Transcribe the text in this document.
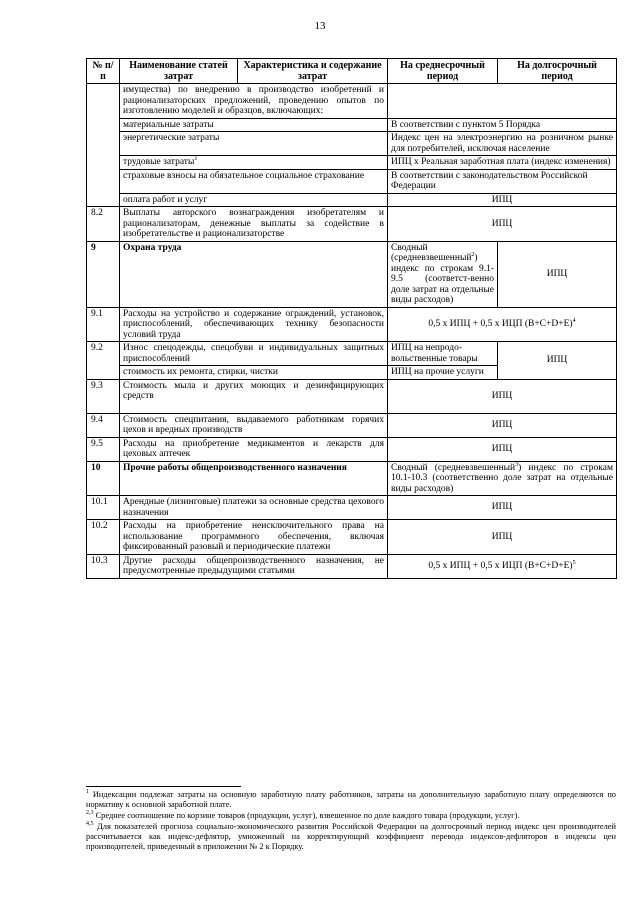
13
№ п/п	Наименование статей затрат	Характеристика и содержание затрат	На среднесрочный период	На долгосрочный период
	имущества) по внедрению в производство изобретений и рационализаторских предложений, проведению опытов по изготовлению моделей и образцов, включающих:			
	материальные затраты		В соответствии с пунктом 5 Порядка	
	энергетические затраты		Индекс цен на электроэнергию на розничном рынке для потребителей, исключая население	
	трудовые затраты$^1$		ИПЦ х Реальная заработная плата (индекс изменения)	
	страховые взносы на обязательное социальное страхование		В соответствии с законодательством Российской Федерации	
	оплата работ и услуг		ИПЦ	
8.2	Выплаты авторского вознаграждения изобретателям и рационализаторам, денежные выплаты за содействие в изобретательстве и рационализаторстве		ИПЦ	
9	Охрана труда		Сводный (средневзвешенный$^2$) индекс по строкам 9.1-9.5 (соответст-венно доле затрат на отдельные виды расходов)	ИПЦ
9.1	Расходы на устройство и содержание ограждений, установок, приспособлений, обеспечивающих технику безопасности условий труда		0,5 х ИПЦ + 0,5 х ИЦП $(B+C+D+E)^4$
9.2	Износ спецодежды, спецобуви и индивидуальных защитных приспособлений		ИПЦ на непродо-вольственные товары	ИПЦ
	стоимость их ремонта, стирки, чистки		ИПЦ на прочие услуги	
9.3	Стоимость мыла и других моющих и дезинфицирующих средств		ИПЦ	
9.4	Стоимость спецпитания, выдаваемого работникам горячих цехов и вредных производств		ИПЦ	
9.5	Расходы на приобретение медикаментов и лекарств для цеховых аптечек		ИПЦ	
10	Прочие работы общепроизводственного назначения		Сводный (средневзвешенный$^3$) индекс по строкам 10.1-10.3 (соответственно доле затрат на отдельные виды расходов)	
10.1	Арендные (лизинговые) платежи за основные средства цехового назначения		ИПЦ	
10.2	Расходы на приобретение неисключительного права на использование программного обеспечения, включая фиксированный разовый и периодические платежи		ИПЦ	
10.3	Другие расходы общепроизводственного назначения, не предусмотренные предыдущими статьями		0,5 х ИПЦ + 0,5 х ИЦП $(B+C+D+E)^5$

$^1$ Индексации подлежат затраты на основную заработную плату работников, затраты на дополнительную заработную плату определяются по нормативу к основной заработной плате.

$^{2,3}$ Среднее соотношение по корзине товаров (продукции, услуг), взвешенное по доле каждого товара (продукции, услуг).

$^{4,5}$ Для показателей прогноза социально-экономического развития Российской Федерации на долгосрочный период индекс цен производителей рассчитывается как индекс-дефлятор, умноженный на корректирующий коэффициент перевода индексов-дефляторов в индексы цен производителей, приведенный в приложении № 2 к Порядку.
